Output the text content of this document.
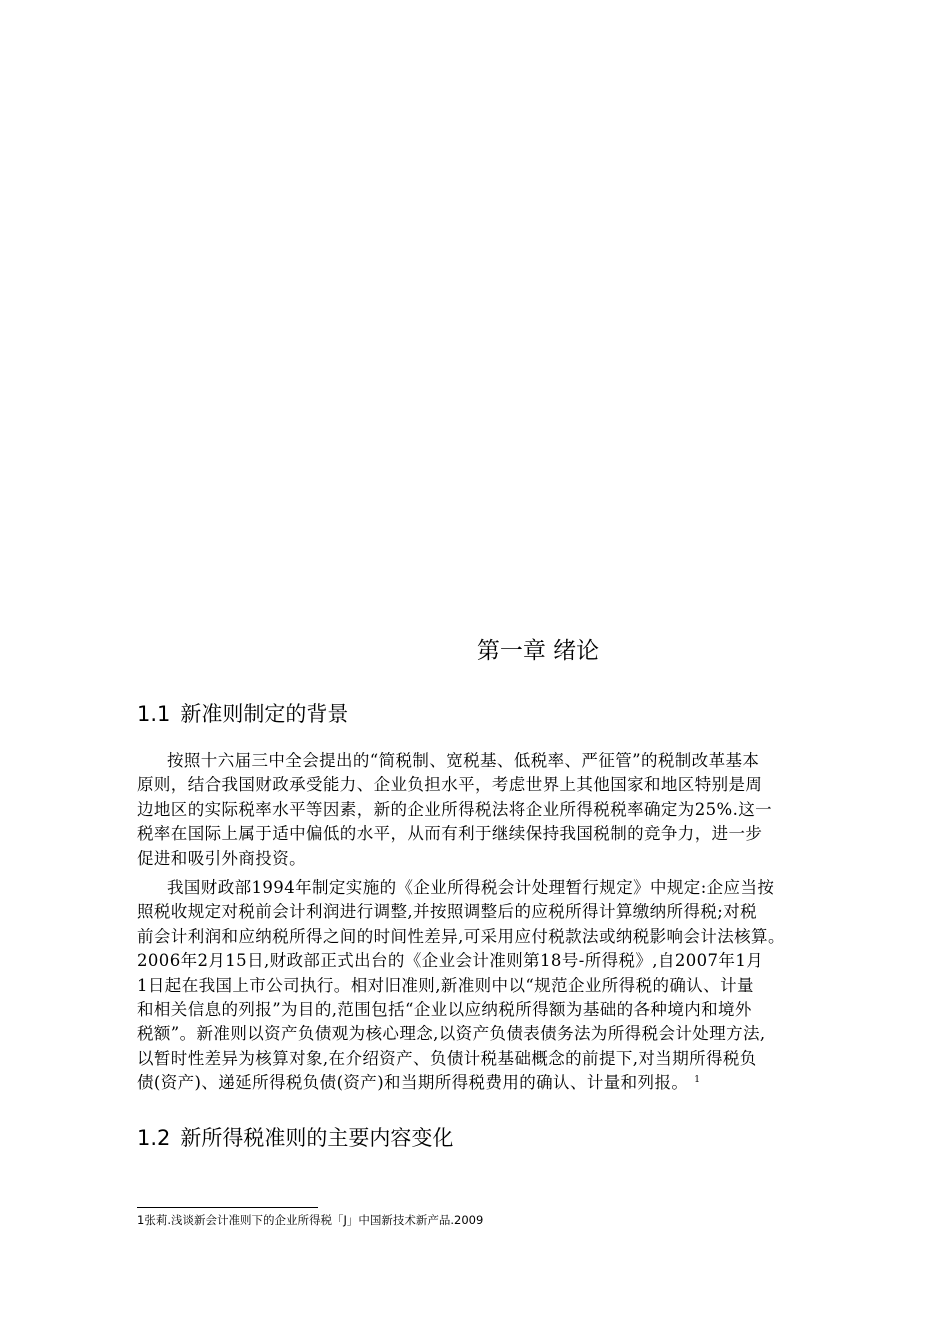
第一章 绪论
1.1 新准则制定的背景

按照十六届三中全会提出的“简税制、宽税基、低税率、严征管”的税制改革基本
原则，结合我国财政承受能力、企业负担水平，考虑世界上其他国家和地区特别是周
边地区的实际税率水平等因素，新的企业所得税法将企业所得税税率确定为25%.这一
税率在国际上属于适中偏低的水平，从而有利于继续保持我国税制的竞争力，进一步
促进和吸引外商投资。

我国财政部1994年制定实施的《企业所得税会计处理暂行规定》中规定:企应当按
照税收规定对税前会计利润进行调整,并按照调整后的应税所得计算缴纳所得税;对税
前会计利润和应纳税所得之间的时间性差异,可采用应付税款法或纳税影响会计法核算。
2006年2月15日,财政部正式出台的《企业会计准则第18号-所得税》,自2007年1月
1日起在我国上市公司执行。相对旧准则,新准则中以“规范企业所得税的确认、计量
和相关信息的列报”为目的,范围包括“企业以应纳税所得额为基础的各种境内和境外
税额”。新准则以资产负债观为核心理念,以资产负债表债务法为所得税会计处理方法,
以暂时性差异为核算对象,在介绍资产、负债计税基础概念的前提下,对当期所得税负
债(资产)、递延所得税负债(资产)和当期所得税费用的确认、计量和列报。 $^1$

1.2 新所得税准则的主要内容变化

1张莉.浅谈新会计准则下的企业所得税「J」中国新技术新产品.2009
